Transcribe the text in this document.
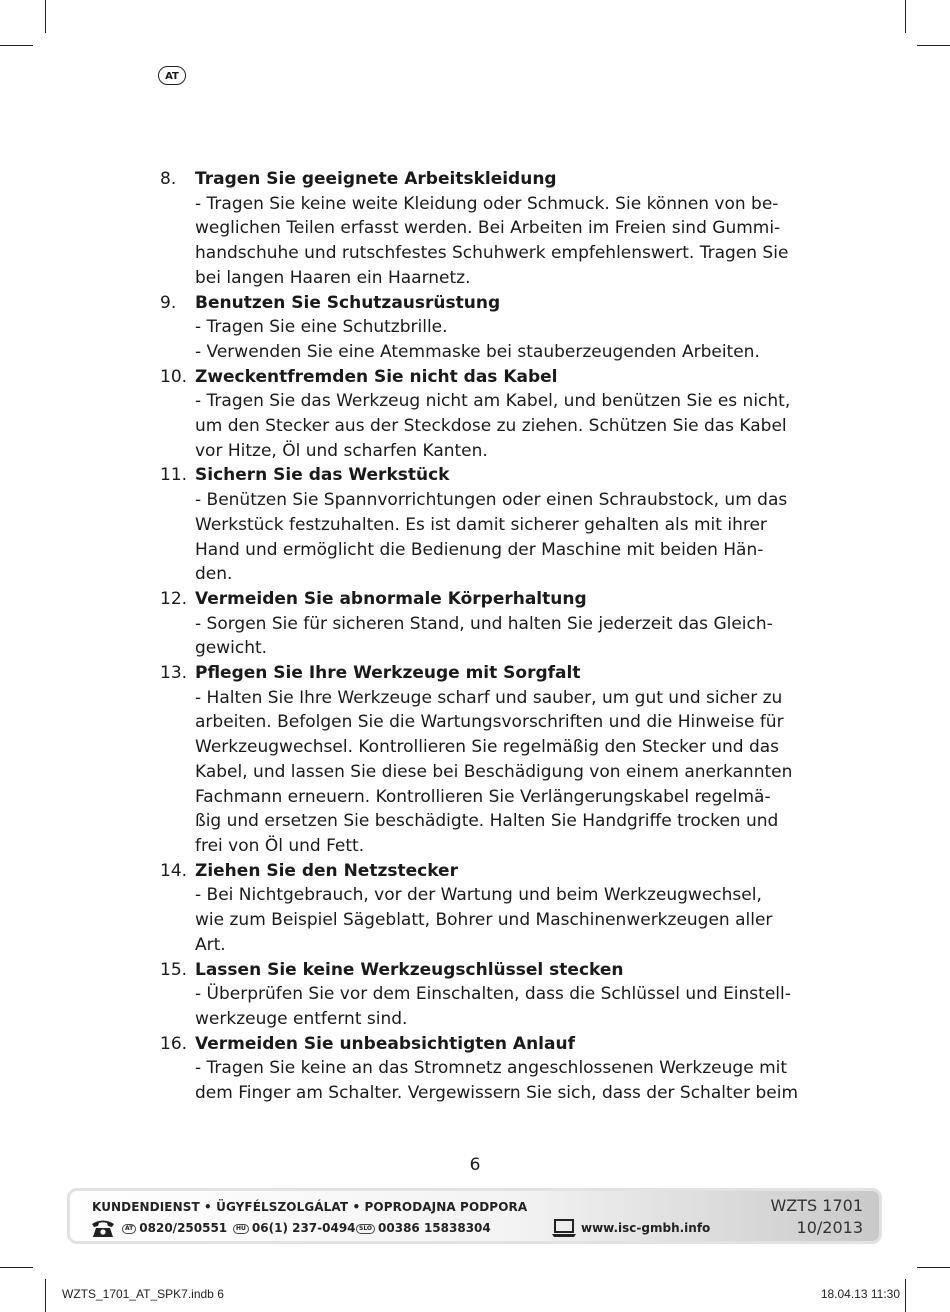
AT
8.	Tragen Sie geeignete Arbeitskleidung
- Tragen Sie keine weite Kleidung oder Schmuck. Sie können von be-
weglichen Teilen erfasst werden. Bei Arbeiten im Freien sind Gummi-
handschuhe und rutschfestes Schuhwerk empfehlenswert. Tragen Sie
bei langen Haaren ein Haarnetz.
9.	Benutzen Sie Schutzausrüstung
- Tragen Sie eine Schutzbrille.
- Verwenden Sie eine Atemmaske bei stauberzeugenden Arbeiten.
10. Zweckentfremden Sie nicht das Kabel
- Tragen Sie das Werkzeug nicht am Kabel, und benützen Sie es nicht,
um den Stecker aus der Steckdose zu ziehen. Schützen Sie das Kabel
vor Hitze, Öl und scharfen Kanten.
11. Sichern Sie das Werkstück
- Benützen Sie Spannvorrichtungen oder einen Schraubstock, um das
Werkstück festzuhalten. Es ist damit sicherer gehalten als mit ihrer
Hand und ermöglicht die Bedienung der Maschine mit beiden Hän-
den.
12. Vermeiden Sie abnormale Körperhaltung
- Sorgen Sie für sicheren Stand, und halten Sie jederzeit das Gleich-
gewicht.
13. Pflegen Sie Ihre Werkzeuge mit Sorgfalt
- Halten Sie Ihre Werkzeuge scharf und sauber, um gut und sicher zu
arbeiten. Befolgen Sie die Wartungsvorschriften und die Hinweise für
Werkzeugwechsel. Kontrollieren Sie regelmäßig den Stecker und das
Kabel, und lassen Sie diese bei Beschädigung von einem anerkannten
Fachmann erneuern. Kontrollieren Sie Verlängerungskabel regelmä-
ßig und ersetzen Sie beschädigte. Halten Sie Handgriffe trocken und
frei von Öl und Fett.
14. Ziehen Sie den Netzstecker
- Bei Nichtgebrauch, vor der Wartung und beim Werkzeugwechsel,
wie zum Beispiel Sägeblatt, Bohrer und Maschinenwerkzeugen aller
Art.
15. Lassen Sie keine Werkzeugschlüssel stecken
- Überprüfen Sie vor dem Einschalten, dass die Schlüssel und Einstell-
werkzeuge entfernt sind.
16. Vermeiden Sie unbeabsichtigten Anlauf
- Tragen Sie keine an das Stromnetz angeschlossenen Werkzeuge mit
dem Finger am Schalter. Vergewissern Sie sich, dass der Schalter beim
6
KUNDENDIENST • ÜGYFÉLSZOLGÁLAT • POPRODAJNA PODPORA
AT 0820/250551	HU 06(1) 237-0494 SLO 00386 15838304	www.isc-gmbh.info
WZTS 1701
10/2013
WZTS_1701_AT_SPK7.indb 6	18.04.13 11:30
